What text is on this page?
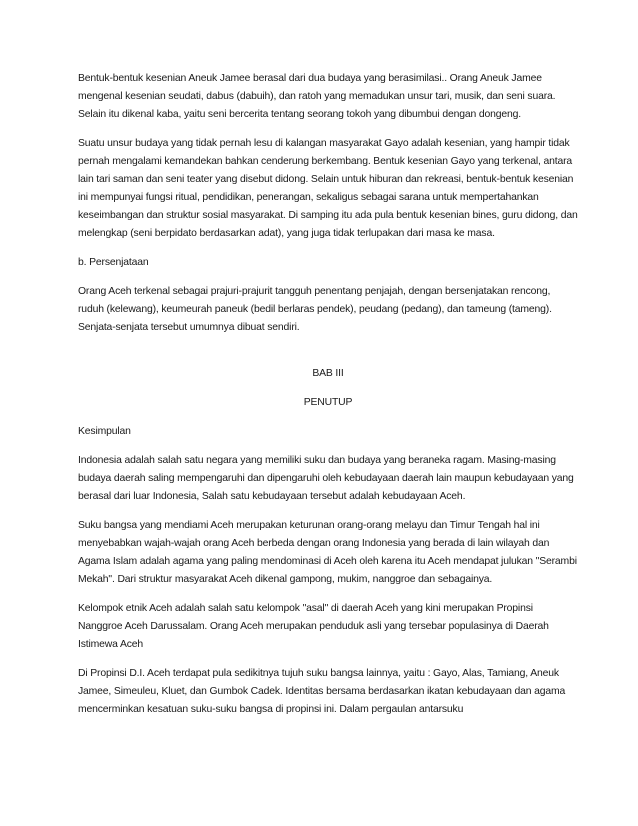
Bentuk-bentuk kesenian Aneuk Jamee berasal dari dua budaya yang berasimilasi.. Orang Aneuk Jamee mengenal kesenian seudati, dabus (dabuih), dan ratoh yang memadukan unsur tari, musik, dan seni suara. Selain itu dikenal kaba, yaitu seni bercerita tentang seorang tokoh yang dibumbui dengan dongeng.

Suatu unsur budaya yang tidak pernah lesu di kalangan masyarakat Gayo adalah kesenian, yang hampir tidak pernah mengalami kemandekan bahkan cenderung berkembang. Bentuk kesenian Gayo yang terkenal, antara lain tari saman dan seni teater yang disebut didong. Selain untuk hiburan dan rekreasi, bentuk-bentuk kesenian ini mempunyai fungsi ritual, pendidikan, penerangan, sekaligus sebagai sarana untuk mempertahankan keseimbangan dan struktur sosial masyarakat. Di samping itu ada pula bentuk kesenian bines, guru didong, dan melengkap (seni berpidato berdasarkan adat), yang juga tidak terlupakan dari masa ke masa.

b. Persenjataan

Orang Aceh terkenal sebagai prajuri-prajurit tangguh penentang penjajah, dengan bersenjatakan rencong, ruduh (kelewang), keumeurah paneuk (bedil berlaras pendek), peudang (pedang), dan tameung (tameng). Senjata-senjata tersebut umumnya dibuat sendiri.

BAB III

PENUTUP

Kesimpulan

Indonesia adalah salah satu negara yang memiliki suku dan budaya yang beraneka ragam. Masing-masing budaya daerah saling mempengaruhi dan dipengaruhi oleh kebudayaan daerah lain maupun kebudayaan yang berasal dari luar Indonesia, Salah satu kebudayaan tersebut adalah kebudayaan Aceh.

Suku bangsa yang mendiami Aceh merupakan keturunan orang-orang melayu dan Timur Tengah hal ini menyebabkan wajah-wajah orang Aceh berbeda dengan orang Indonesia yang berada di lain wilayah dan Agama Islam adalah agama yang paling mendominasi di Aceh oleh karena itu Aceh mendapat julukan "Serambi Mekah". Dari struktur masyarakat Aceh dikenal gampong, mukim, nanggroe dan sebagainya.

Kelompok etnik Aceh adalah salah satu kelompok "asal" di daerah Aceh yang kini merupakan Propinsi Nanggroe Aceh Darussalam. Orang Aceh merupakan penduduk asli yang tersebar populasinya di Daerah Istimewa Aceh

Di Propinsi D.I. Aceh terdapat pula sedikitnya tujuh suku bangsa lainnya, yaitu : Gayo, Alas, Tamiang, Aneuk Jamee, Simeuleu, Kluet, dan Gumbok Cadek. Identitas bersama berdasarkan ikatan kebudayaan dan agama mencerminkan kesatuan suku-suku bangsa di propinsi ini. Dalam pergaulan antarsuku
